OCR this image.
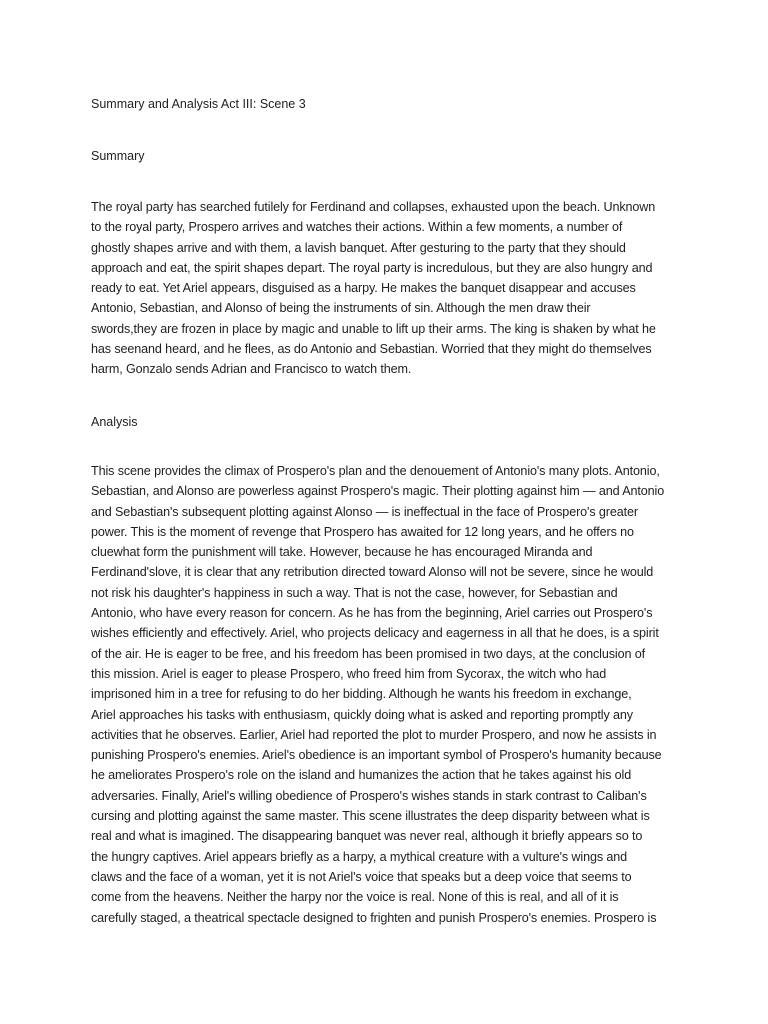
Summary and Analysis Act III: Scene 3
Summary
The royal party has searched futilely for Ferdinand and collapses, exhausted upon the beach. Unknown
to the royal party, Prospero arrives and watches their actions. Within a few moments, a number of
ghostly shapes arrive and with them, a lavish banquet. After gesturing to the party that they should
approach and eat, the spirit shapes depart. The royal party is incredulous, but they are also hungry and
ready to eat. Yet Ariel appears, disguised as a harpy. He makes the banquet disappear and accuses
Antonio, Sebastian, and Alonso of being the instruments of sin. Although the men draw their
swords,they are frozen in place by magic and unable to lift up their arms. The king is shaken by what he
has seenand heard, and he flees, as do Antonio and Sebastian. Worried that they might do themselves
harm, Gonzalo sends Adrian and Francisco to watch them.
Analysis
This scene provides the climax of Prospero's plan and the denouement of Antonio's many plots. Antonio,
Sebastian, and Alonso are powerless against Prospero's magic. Their plotting against him — and Antonio
and Sebastian's subsequent plotting against Alonso — is ineffectual in the face of Prospero's greater
power. This is the moment of revenge that Prospero has awaited for 12 long years, and he offers no
cluewhat form the punishment will take. However, because he has encouraged Miranda and
Ferdinand'slove, it is clear that any retribution directed toward Alonso will not be severe, since he would
not risk his daughter's happiness in such a way. That is not the case, however, for Sebastian and
Antonio, who have every reason for concern. As he has from the beginning, Ariel carries out Prospero's
wishes efficiently and effectively. Ariel, who projects delicacy and eagerness in all that he does, is a spirit
of the air. He is eager to be free, and his freedom has been promised in two days, at the conclusion of
this mission. Ariel is eager to please Prospero, who freed him from Sycorax, the witch who had
imprisoned him in a tree for refusing to do her bidding. Although he wants his freedom in exchange,
Ariel approaches his tasks with enthusiasm, quickly doing what is asked and reporting promptly any
activities that he observes. Earlier, Ariel had reported the plot to murder Prospero, and now he assists in
punishing Prospero's enemies. Ariel's obedience is an important symbol of Prospero's humanity because
he ameliorates Prospero's role on the island and humanizes the action that he takes against his old
adversaries. Finally, Ariel's willing obedience of Prospero's wishes stands in stark contrast to Caliban's
cursing and plotting against the same master. This scene illustrates the deep disparity between what is
real and what is imagined. The disappearing banquet was never real, although it briefly appears so to
the hungry captives. Ariel appears briefly as a harpy, a mythical creature with a vulture's wings and
claws and the face of a woman, yet it is not Ariel's voice that speaks but a deep voice that seems to
come from the heavens. Neither the harpy nor the voice is real. None of this is real, and all of it is
carefully staged, a theatrical spectacle designed to frighten and punish Prospero's enemies. Prospero is
